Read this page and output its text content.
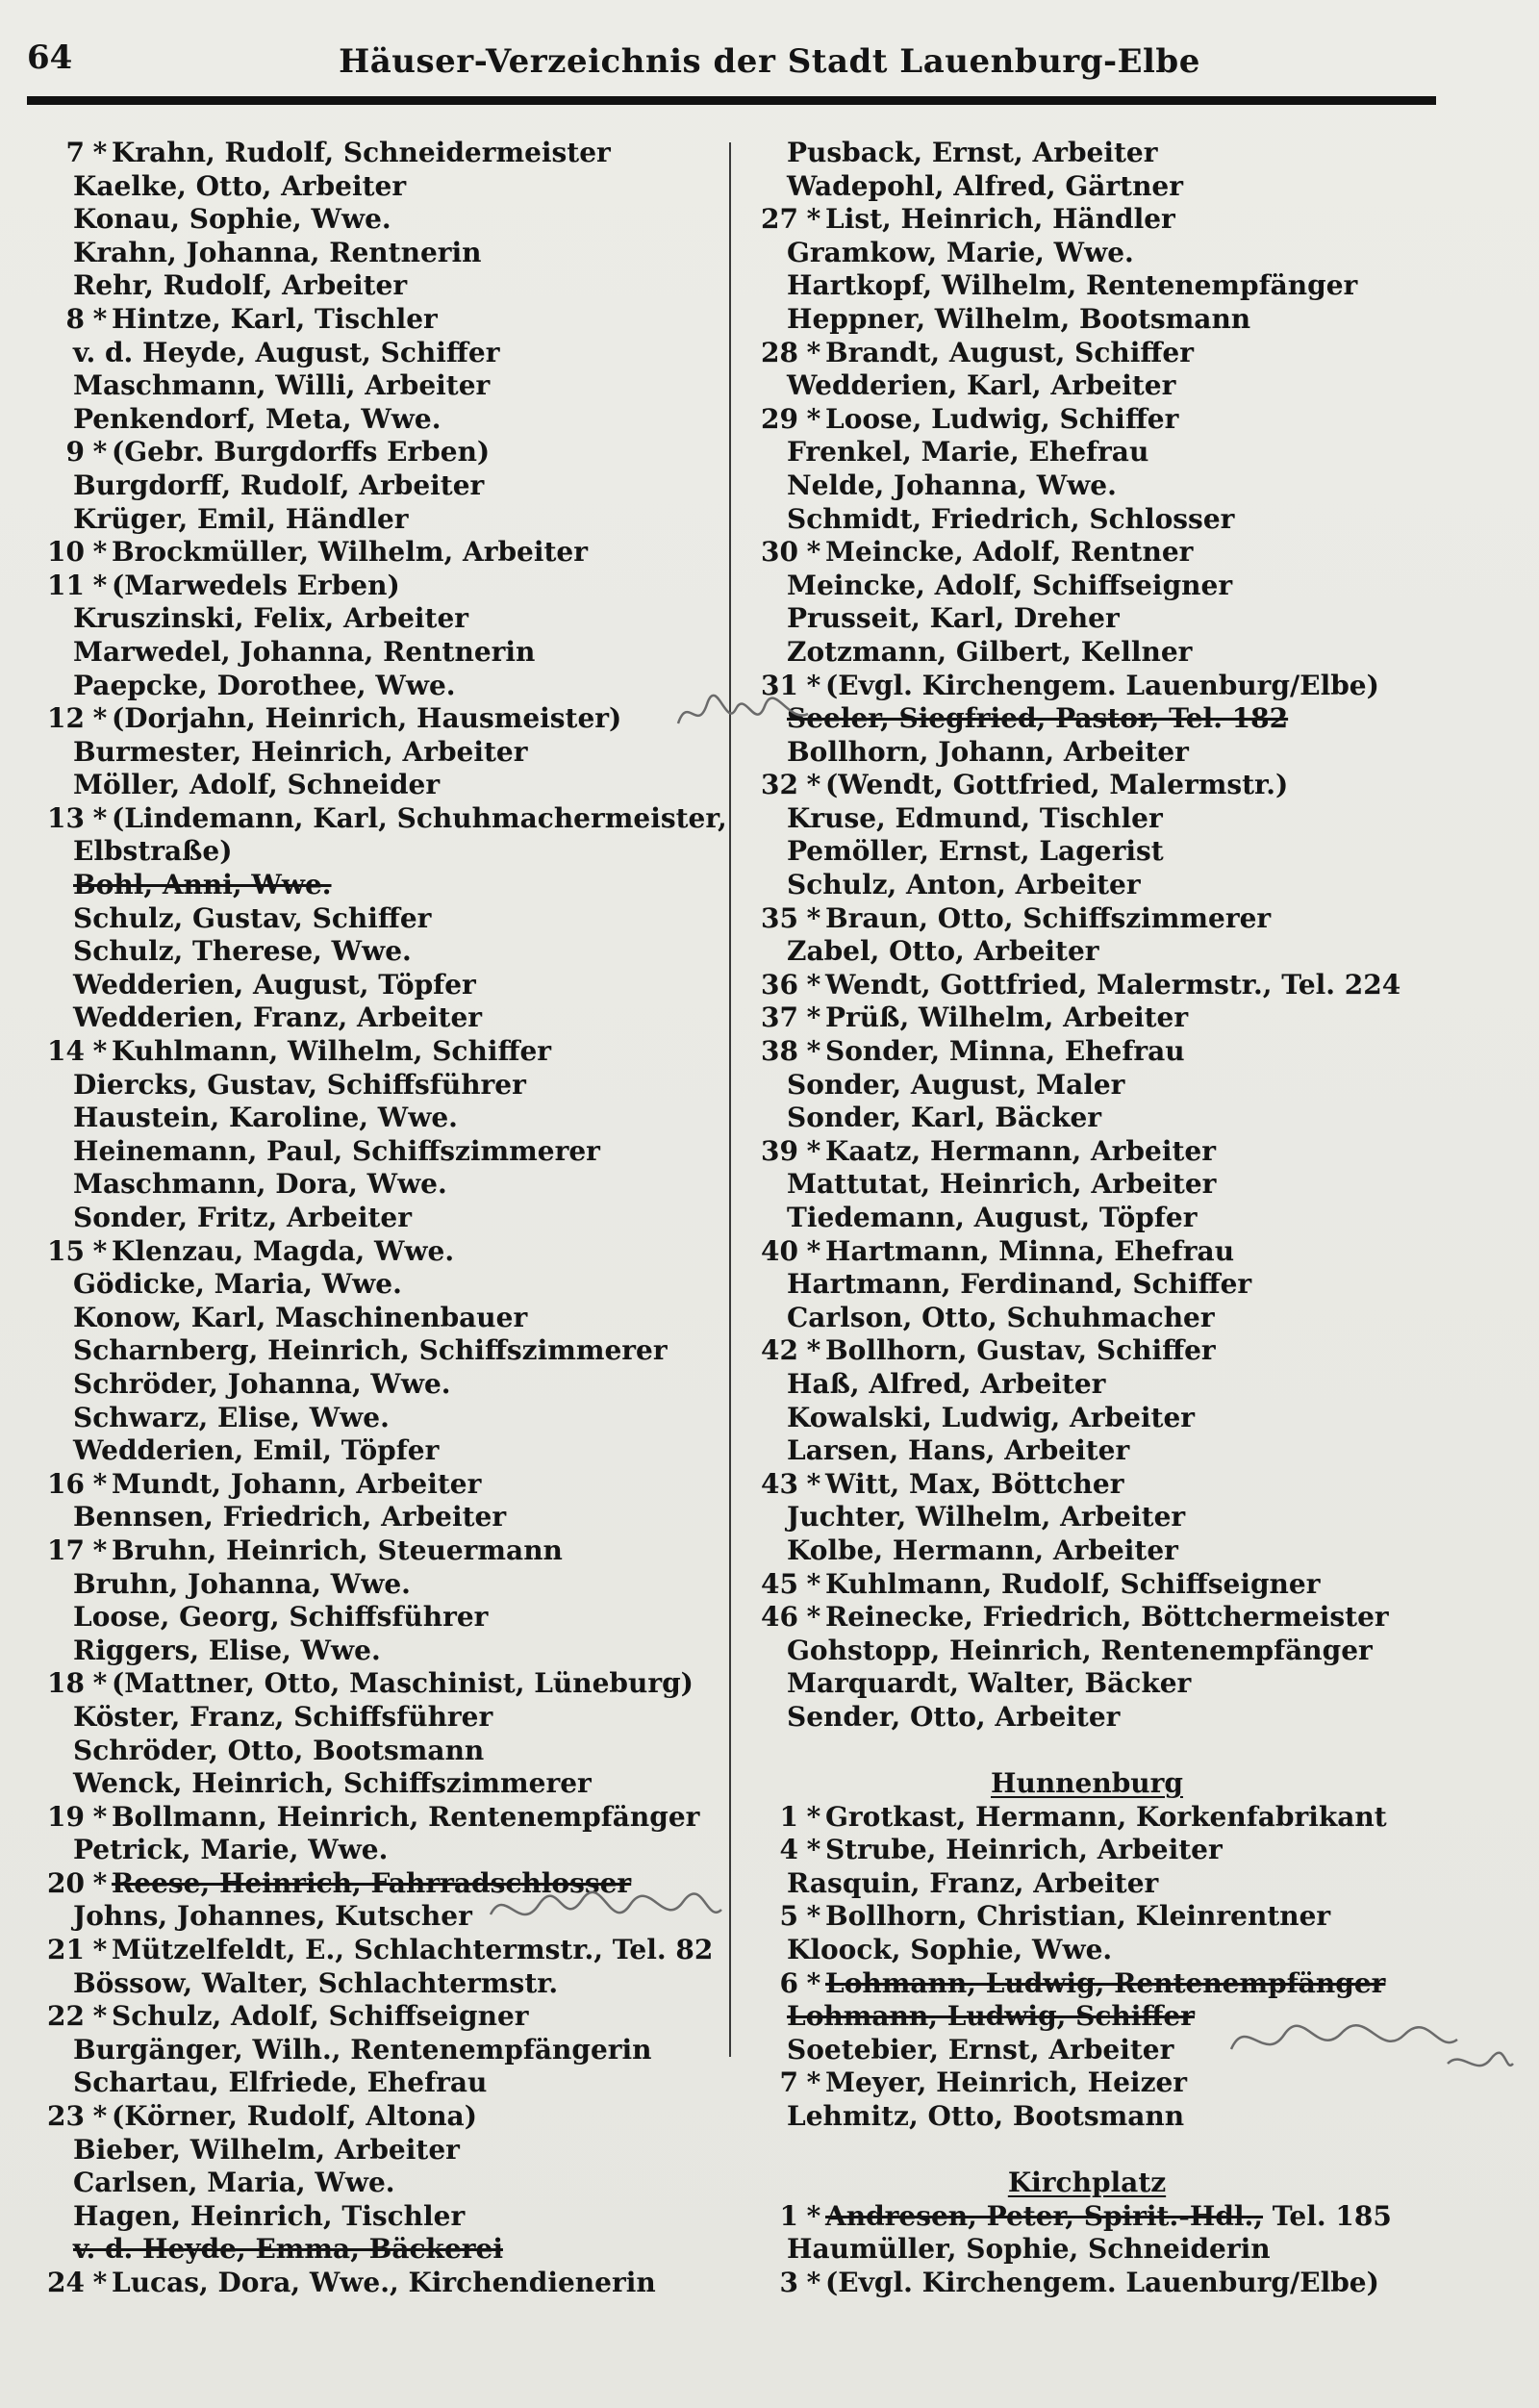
64	Häuser-Verzeichnis der Stadt Lauenburg-Elbe
7 * Krahn, Rudolf, Schneidermeister
Kaelke, Otto, Arbeiter
Konau, Sophie, Wwe.
Krahn, Johanna, Rentnerin
Rehr, Rudolf, Arbeiter
8 * Hintze, Karl, Tischler
v. d. Heyde, August, Schiffer
Maschmann, Willi, Arbeiter
Penkendorf, Meta, Wwe.
9 * (Gebr. Burgdorffs Erben)
Burgdorff, Rudolf, Arbeiter
Krüger, Emil, Händler
10 * Brockmüller, Wilhelm, Arbeiter
11 * (Marwedels Erben)
Kruszinski, Felix, Arbeiter
Marwedel, Johanna, Rentnerin
Paepcke, Dorothee, Wwe.
12 * (Dorjahn, Heinrich, Hausmeister)
Burmester, Heinrich, Arbeiter
Möller, Adolf, Schneider
13 * (Lindemann, Karl, Schuhmachermeister,
Elbstraße)
Bohl, Anni, Wwe.
Schulz, Gustav, Schiffer
Schulz, Therese, Wwe.
Wedderien, August, Töpfer
Wedderien, Franz, Arbeiter
14 * Kuhlmann, Wilhelm, Schiffer
Diercks, Gustav, Schiffsführer
Haustein, Karoline, Wwe.
Heinemann, Paul, Schiffszimmerer
Maschmann, Dora, Wwe.
Sonder, Fritz, Arbeiter
15 * Klenzau, Magda, Wwe.
Gödicke, Maria, Wwe.
Konow, Karl, Maschinenbauer
Scharnberg, Heinrich, Schiffszimmerer
Schröder, Johanna, Wwe.
Schwarz, Elise, Wwe.
Wedderien, Emil, Töpfer
16 * Mundt, Johann, Arbeiter
Bennsen, Friedrich, Arbeiter
17 * Bruhn, Heinrich, Steuermann
Bruhn, Johanna, Wwe.
Loose, Georg, Schiffsführer
Riggers, Elise, Wwe.
18 * (Mattner, Otto, Maschinist, Lüneburg)
Köster, Franz, Schiffsführer
Schröder, Otto, Bootsmann
Wenck, Heinrich, Schiffszimmerer
19 * Bollmann, Heinrich, Rentenempfänger
Petrick, Marie, Wwe.
20 * Reese, Heinrich, Fahrradschlosser
Johns, Johannes, Kutscher
21 * Mützelfeldt, E., Schlachtermstr., Tel. 82
Bössow, Walter, Schlachtermstr.
22 * Schulz, Adolf, Schiffseigner
Burgänger, Wilh., Rentenempfängerin
Schartau, Elfriede, Ehefrau
23 * (Körner, Rudolf, Altona)
Bieber, Wilhelm, Arbeiter
Carlsen, Maria, Wwe.
Hagen, Heinrich, Tischler
v. d. Heyde, Emma, Bäckerei
24 * Lucas, Dora, Wwe., Kirchendienerin
Pusback, Ernst, Arbeiter
Wadepohl, Alfred, Gärtner
27 * List, Heinrich, Händler
Gramkow, Marie, Wwe.
Hartkopf, Wilhelm, Rentenempfänger
Heppner, Wilhelm, Bootsmann
28 * Brandt, August, Schiffer
Wedderien, Karl, Arbeiter
29 * Loose, Ludwig, Schiffer
Frenkel, Marie, Ehefrau
Nelde, Johanna, Wwe.
Schmidt, Friedrich, Schlosser
30 * Meincke, Adolf, Rentner
Meincke, Adolf, Schiffseigner
Prusseit, Karl, Dreher
Zotzmann, Gilbert, Kellner
31 * (Evgl. Kirchengem. Lauenburg/Elbe)
Seeler, Siegfried, Pastor, Tel. 182
Bollhorn, Johann, Arbeiter
32 * (Wendt, Gottfried, Malermstr.)
Kruse, Edmund, Tischler
Pemöller, Ernst, Lagerist
Schulz, Anton, Arbeiter
35 * Braun, Otto, Schiffszimmerer
Zabel, Otto, Arbeiter
36 * Wendt, Gottfried, Malermstr., Tel. 224
37 * Prüß, Wilhelm, Arbeiter
38 * Sonder, Minna, Ehefrau
Sonder, August, Maler
Sonder, Karl, Bäcker
39 * Kaatz, Hermann, Arbeiter
Mattutat, Heinrich, Arbeiter
Tiedemann, August, Töpfer
40 * Hartmann, Minna, Ehefrau
Hartmann, Ferdinand, Schiffer
Carlson, Otto, Schuhmacher
42 * Bollhorn, Gustav, Schiffer
Haß, Alfred, Arbeiter
Kowalski, Ludwig, Arbeiter
Larsen, Hans, Arbeiter
43 * Witt, Max, Böttcher
Juchter, Wilhelm, Arbeiter
Kolbe, Hermann, Arbeiter
45 * Kuhlmann, Rudolf, Schiffseigner
46 * Reinecke, Friedrich, Böttchermeister
Gohstopp, Heinrich, Rentenempfänger
Marquardt, Walter, Bäcker
Sender, Otto, Arbeiter
Hunnenburg
1 * Grotkast, Hermann, Korkenfabrikant
4 * Strube, Heinrich, Arbeiter
Rasquin, Franz, Arbeiter
5 * Bollhorn, Christian, Kleinrentner
Kloock, Sophie, Wwe.
6 * Lohmann, Ludwig, Rentenempfänger
Lohmann, Ludwig, Schiffer
Soetebier, Ernst, Arbeiter
7 * Meyer, Heinrich, Heizer
Lehmitz, Otto, Bootsmann
Kirchplatz
1 * Andresen, Peter, Spirit.-Hdl., Tel. 185
Haumüller, Sophie, Schneiderin
3 * (Evgl. Kirchengem. Lauenburg/Elbe)
